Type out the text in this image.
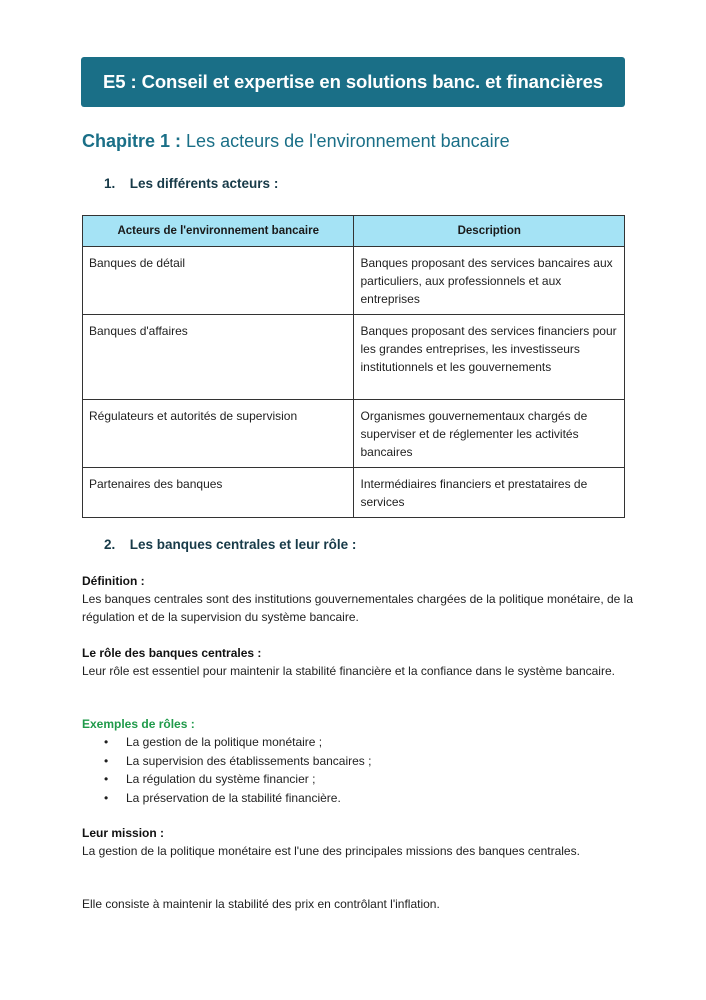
E5 : Conseil et expertise en solutions banc. et financières
Chapitre 1 : Les acteurs de l'environnement bancaire
1. Les différents acteurs :
Acteurs de l'environnement bancaire	Description
Banques de détail	Banques proposant des services bancaires aux particuliers, aux professionnels et aux entreprises
Banques d'affaires	Banques proposant des services financiers pour les grandes entreprises, les investisseurs institutionnels et les gouvernements
Régulateurs et autorités de supervision	Organismes gouvernementaux chargés de superviser et de réglementer les activités bancaires
Partenaires des banques	Intermédiaires financiers et prestataires de services
2. Les banques centrales et leur rôle :
Définition :
Les banques centrales sont des institutions gouvernementales chargées de la politique monétaire, de la régulation et de la supervision du système bancaire.
Le rôle des banques centrales :
Leur rôle est essentiel pour maintenir la stabilité financière et la confiance dans le système bancaire.
Exemples de rôles :
• La gestion de la politique monétaire ;
• La supervision des établissements bancaires ;
• La régulation du système financier ;
• La préservation de la stabilité financière.
Leur mission :
La gestion de la politique monétaire est l'une des principales missions des banques centrales.
Elle consiste à maintenir la stabilité des prix en contrôlant l'inflation.
